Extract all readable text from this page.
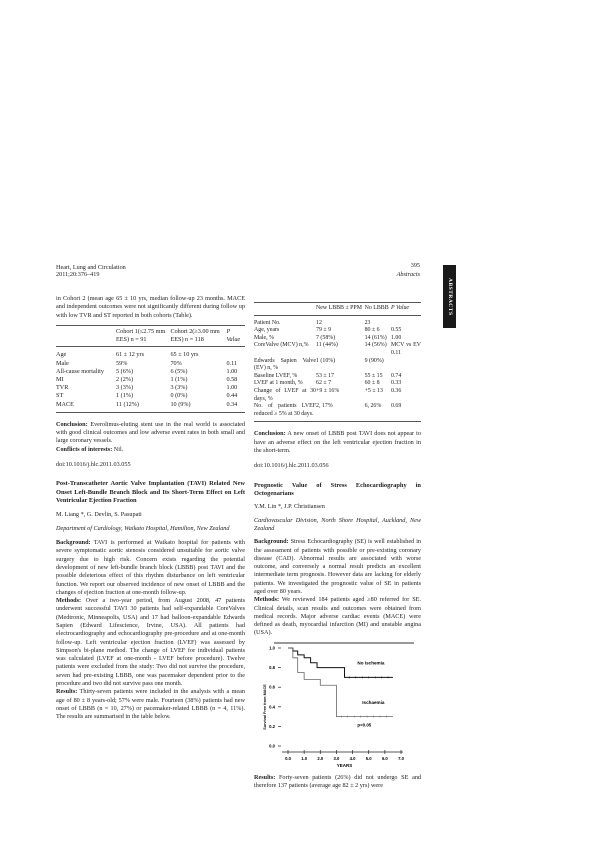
Heart, Lung and Circulation
2011;20:376–419
395
Abstracts
ABSTRACTS

in Cohort 2 (mean age 65 ± 10 yrs, median follow-up 23 months. MACE and independent outcomes were not significantly different during follow up with low TVR and ST reported in both cohorts (Table).

	Cohort 1(≤2.75 mm EES) n = 91	Cohort 2(≥3.00 mm EES) n = 118	P Value
Age	61 ± 12 yrs	65 ± 10 yrs	
Male	59%	70%	0.11
All-cause mortality	5 (6%)	6 (5%)	1.00
MI	2 (2%)	1 (1%)	0.58
TVR	3 (3%)	3 (3%)	1.00
ST	1 (1%)	0 (0%)	0.44
MACE	11 (12%)	10 (9%)	0.34

Conclusion: Everolimus-eluting stent use in the real world is associated with good clinical outcomes and low adverse event rates in both small and large coronary vessels.
Conflicts of interests: Nil.

doi:10.1016/j.hlc.2011.03.055

Post-Transcatheter Aortic Valve Implantation (TAVI) Related New Onset Left-Bundle Branch Block and Its Short-Term Effect on Left Ventricular Ejection Fraction

M. Liang *, G. Devlin, S. Pasupati

Department of Cardiology, Waikato Hospital, Hamilton, New Zealand

Background: TAVI is performed at Waikato hospital for patients with severe symptomatic aortic stenosis considered unsuitable for aortic valve surgery due to high risk. Concern exists regarding the potential development of new left-bundle branch block (LBBB) post TAVI and the possible deleterious effect of this rhythm disturbance on left ventricular function. We report our observed incidence of new onset of LBBB and the changes of ejection fraction at one-month follow-up.

Methods: Over a two-year period, from August 2008, 47 patients underwent successful TAVI 30 patients had self-expandable CoreValves (Medtronic, Minneapolis, USA) and 17 had balloon-expandable Edwards Sapien (Edward Lifescience, Irvine, USA). All patients had electrocardiography and echocardiography pre-procedure and at one-month follow-up. Left ventricular ejection fraction (LVEF) was assessed by Simpson's bi-plane method. The change of LVEF for individual patients was calculated (LVEF at one-month - LVEF before procedure). Twelve patients were excluded from the study: Two did not survive the procedure, seven had pre-existing LBBB, one was pacemaker dependent prior to the procedure and two did not survive pass one month.

Results: Thirty-seven patients were included in the analysis with a mean age of 80 ± 8 years-old; 57% were male. Fourteen (38%) patients had new onset of LBBB (n = 10, 27%) or pacemaker-related LBBB (n = 4, 11%). The results are summarised in the table below.

	New LBBB ± PPM	No LBBB	P Value
Patient No.	12	23	
Age, years	79 ± 9	80 ± 6	0.55
Male, %	7 (58%)	14 (61%)	1.00
CoreValve (MCV) n,%	11 (44%)	14 (56%)	MCV vs EV 0.11
Edwards Sapien Valve (EV) n, %	1 (10%)	9 (90%)	
Baseline LVEF, %	53 ± 17	55 ± 15	0.74
LVEF at 1 month, %	62 ± 7	60 ± 8	0.33
Change of LVEF at 30 days, %	+9 ± 16%	+5 ± 13	0.36
No. of patients LVEF reduced ≥ 5% at 30 days.	2, 17%	6, 26%	0.69

Conclusion: A new onset of LBBB post TAVI does not appear to have an adverse effect on the left ventricular ejection fraction in the short-term.

doi:10.1016/j.hlc.2011.03.056

Prognostic Value of Stress Echocardiography in Octogenarians

Y.M. Lin *, J.P. Christiansen

Cardiovascular Division, North Shore Hospital, Auckland, New Zealand

Background: Stress Echocardiography (SE) is well established in the assessment of patients with possible or pre-existing coronary disease (CAD). Abnormal results are associated with worse outcome, and conversely a normal result predicts an excellent intermediate term prognosis. However data are lacking for elderly patients. We investigated the prognostic value of SE in patients aged over 80 years.

Methods: We reviewed 184 patients aged ≥80 referred for SE. Clinical details, scan results and outcomes were obtained from medical records. Major adverse cardiac events (MACE) were defined as death, myocardial infarction (MI) and unstable angina (USA).

0.0 1.0 2.0 3.0 4.0 5.0 6.0 7.0
0.0
0.2
0.4
0.6
0.8
1.0
YEARS
Survival Free from MACE
No ischemia
Ischaemia
p<0.05

Results: Forty-seven patients (26%) did not undergo SE and therefore 137 patients (average age 82 ± 2 yrs) were
